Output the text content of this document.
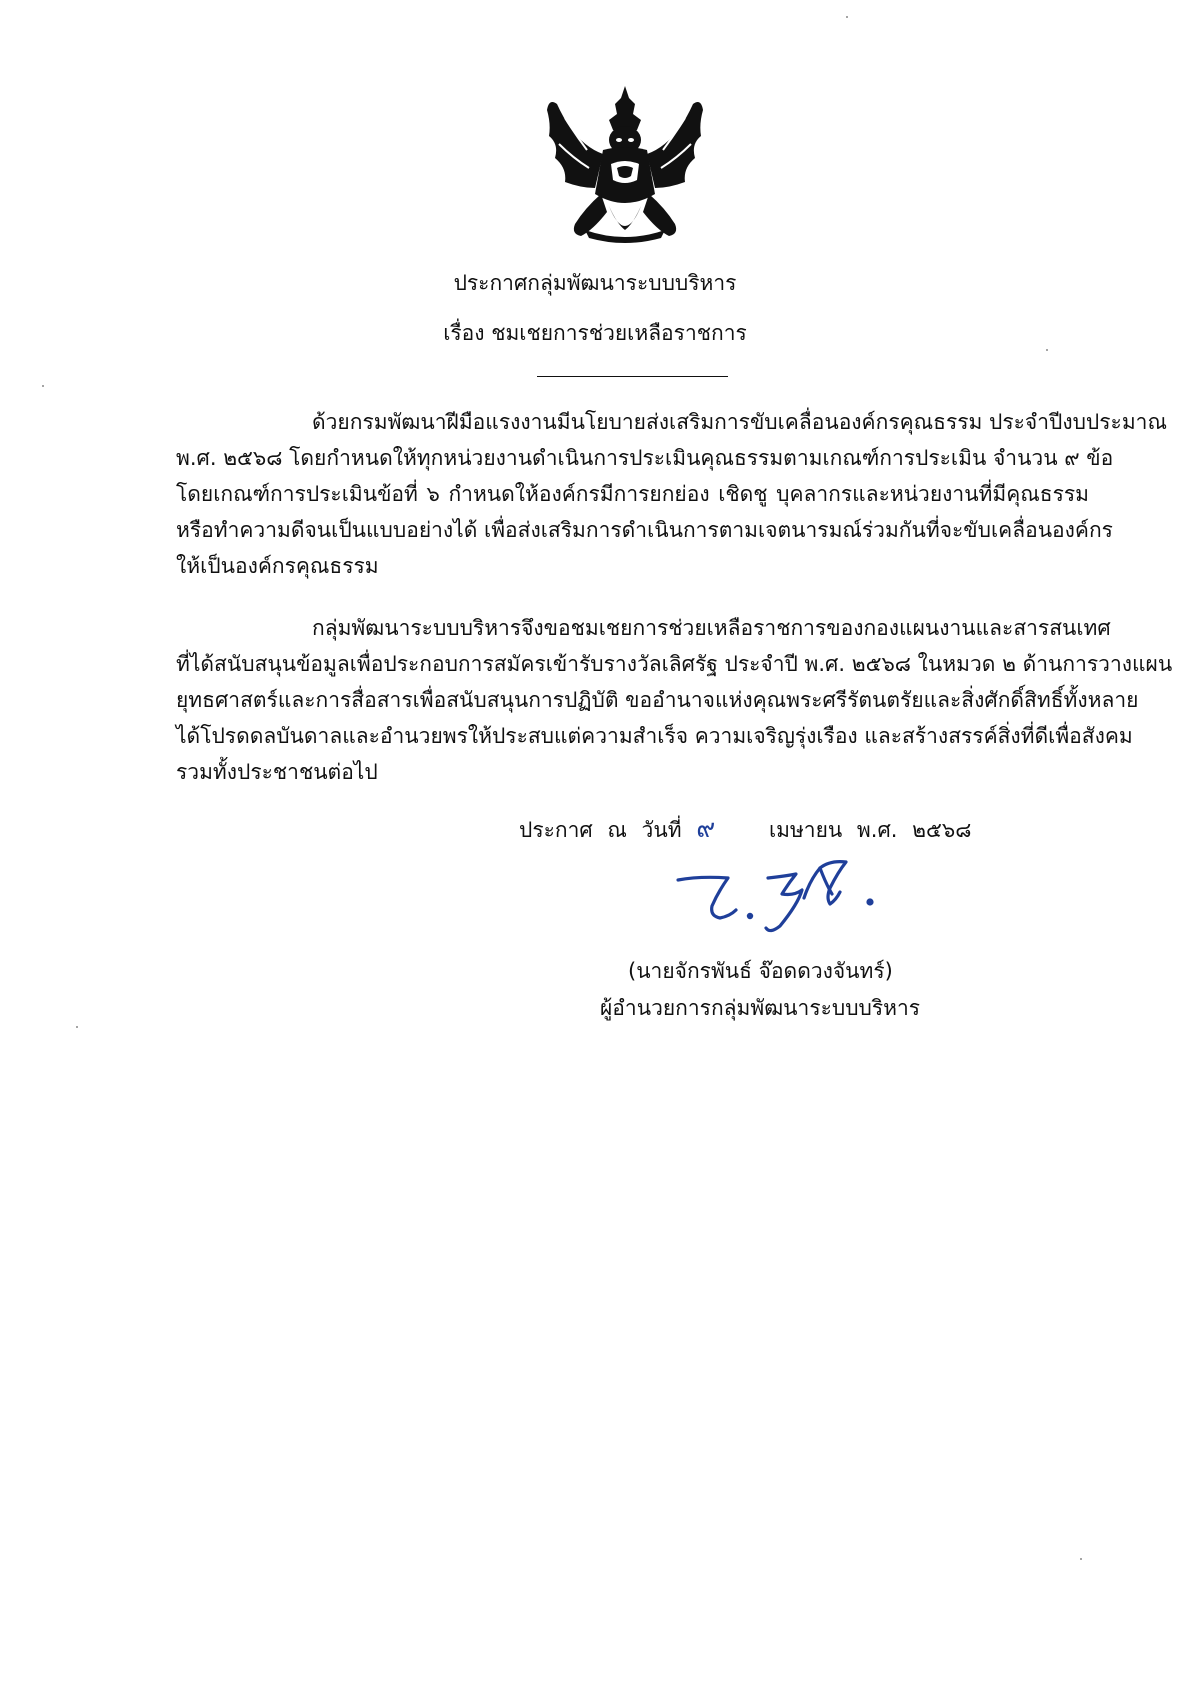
ประกาศกลุ่มพัฒนาระบบบริหาร
เรื่อง ชมเชยการช่วยเหลือราชการ
ด้วยกรมพัฒนาฝีมือแรงงานมีนโยบายส่งเสริมการขับเคลื่อนองค์กรคุณธรรม ประจำปีงบประมาณ
พ.ศ. ๒๕๖๘ โดยกำหนดให้ทุกหน่วยงานดำเนินการประเมินคุณธรรมตามเกณฑ์การประเมิน จำนวน ๙ ข้อ
โดยเกณฑ์การประเมินข้อที่ ๖ กำหนดให้องค์กรมีการยกย่อง เชิดชู บุคลากรและหน่วยงานที่มีคุณธรรม
หรือทำความดีจนเป็นแบบอย่างได้ เพื่อส่งเสริมการดำเนินการตามเจตนารมณ์ร่วมกันที่จะขับเคลื่อนองค์กร
ให้เป็นองค์กรคุณธรรม
กลุ่มพัฒนาระบบบริหารจึงขอชมเชยการช่วยเหลือราชการของกองแผนงานและสารสนเทศ
ที่ได้สนับสนุนข้อมูลเพื่อประกอบการสมัครเข้ารับรางวัลเลิศรัฐ ประจำปี พ.ศ. ๒๕๖๘ ในหมวด ๒ ด้านการวางแผน
ยุทธศาสตร์และการสื่อสารเพื่อสนับสนุนการปฏิบัติ ขออำนาจแห่งคุณพระศรีรัตนตรัยและสิ่งศักดิ์สิทธิ์ทั้งหลาย
ได้โปรดดลบันดาลและอำนวยพรให้ประสบแต่ความสำเร็จ ความเจริญรุ่งเรือง และสร้างสรรค์สิ่งที่ดีเพื่อสังคม
รวมทั้งประชาชนต่อไป
ประกาศ ณ วันที่ ๙	เมษายน พ.ศ. ๒๕๖๘
(นายจักรพันธ์ จ๊อดดวงจันทร์)
ผู้อำนวยการกลุ่มพัฒนาระบบบริหาร
